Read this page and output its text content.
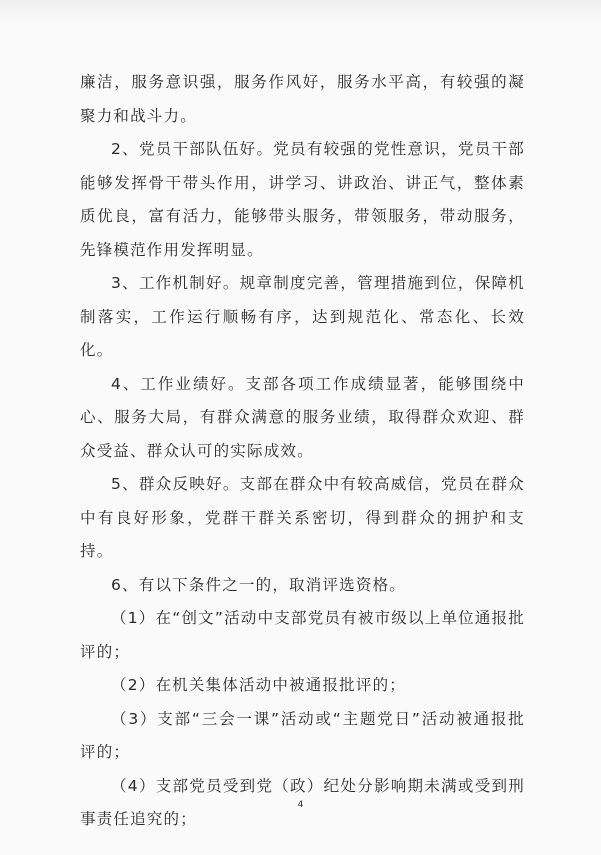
廉洁，服务意识强，服务作风好，服务水平高，有较强的凝聚力和战斗力。

2、党员干部队伍好。党员有较强的党性意识，党员干部能够发挥骨干带头作用，讲学习、讲政治、讲正气，整体素质优良，富有活力，能够带头服务，带领服务，带动服务，先锋模范作用发挥明显。

3、工作机制好。规章制度完善，管理措施到位，保障机制落实，工作运行顺畅有序，达到规范化、常态化、长效化。

4、工作业绩好。支部各项工作成绩显著，能够围绕中心、服务大局，有群众满意的服务业绩，取得群众欢迎、群众受益、群众认可的实际成效。

5、群众反映好。支部在群众中有较高威信，党员在群众中有良好形象，党群干群关系密切，得到群众的拥护和支持。

6、有以下条件之一的，取消评选资格。

（1）在“创文”活动中支部党员有被市级以上单位通报批评的；

（2）在机关集体活动中被通报批评的；

（3）支部“三会一课”活动或“主题党日”活动被通报批评的；

（4）支部党员受到党（政）纪处分影响期未满或受到刑事责任追究的；

4
